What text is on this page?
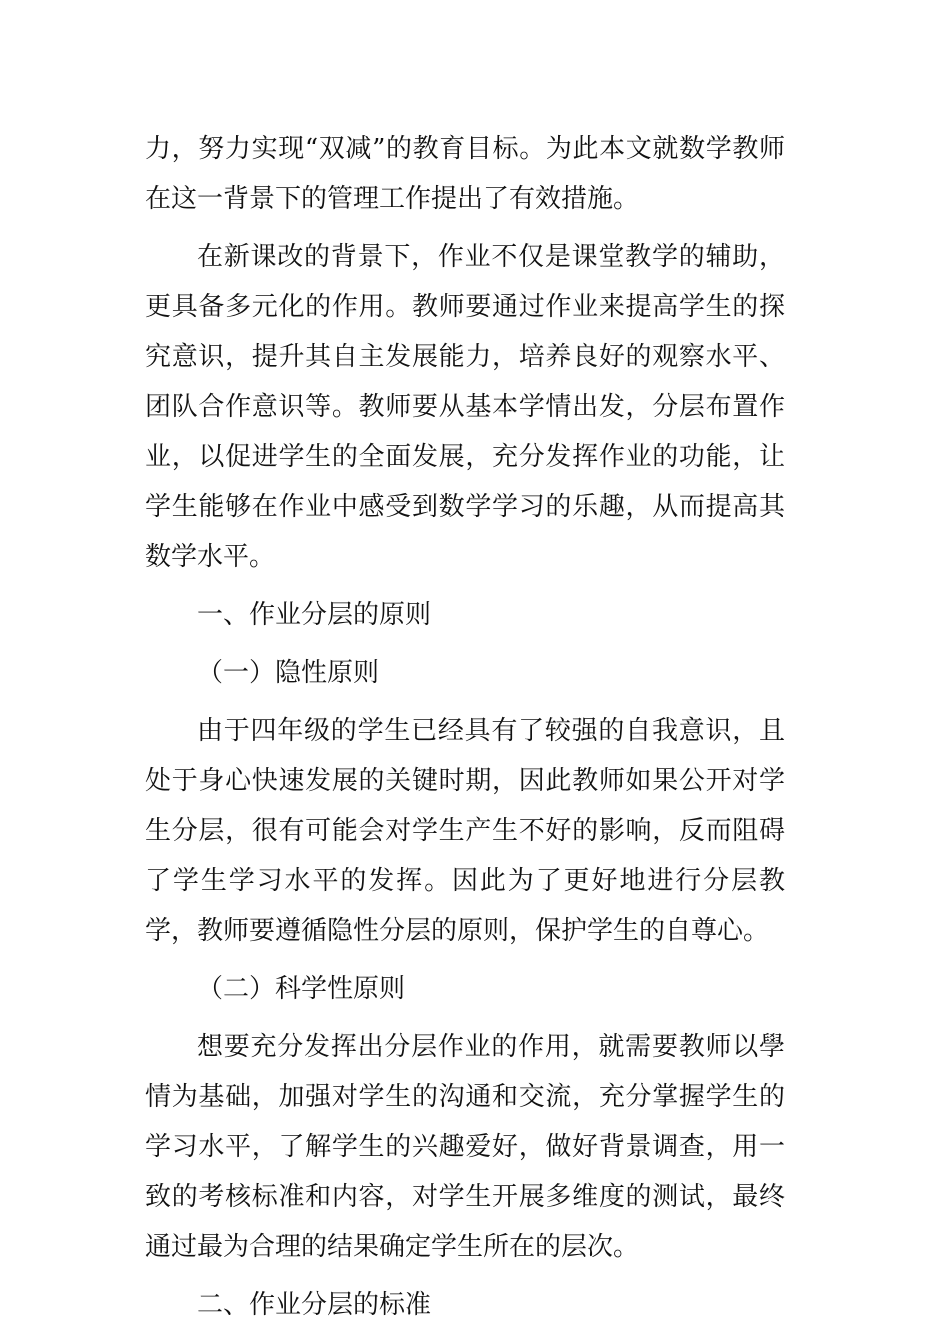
力，努力实现“双减”的教育目标。为此本文就数学教师在这一背景下的管理工作提出了有效措施。

在新课改的背景下，作业不仅是课堂教学的辅助，更具备多元化的作用。教师要通过作业来提高学生的探究意识，提升其自主发展能力，培养良好的观察水平、团队合作意识等。教师要从基本学情出发，分层布置作业，以促进学生的全面发展，充分发挥作业的功能，让学生能够在作业中感受到数学学习的乐趣，从而提高其数学水平。

一、作业分层的原则

（一）隐性原则

由于四年级的学生已经具有了较强的自我意识，且处于身心快速发展的关键时期，因此教师如果公开对学生分层，很有可能会对学生产生不好的影响，反而阻碍了学生学习水平的发挥。因此为了更好地进行分层教学，教师要遵循隐性分层的原则，保护学生的自尊心。

（二）科学性原则

想要充分发挥出分层作业的作用，就需要教师以學情为基础，加强对学生的沟通和交流，充分掌握学生的学习水平，了解学生的兴趣爱好，做好背景调查，用一致的考核标准和内容，对学生开展多维度的测试，最终通过最为合理的结果确定学生所在的层次。

二、作业分层的标准
